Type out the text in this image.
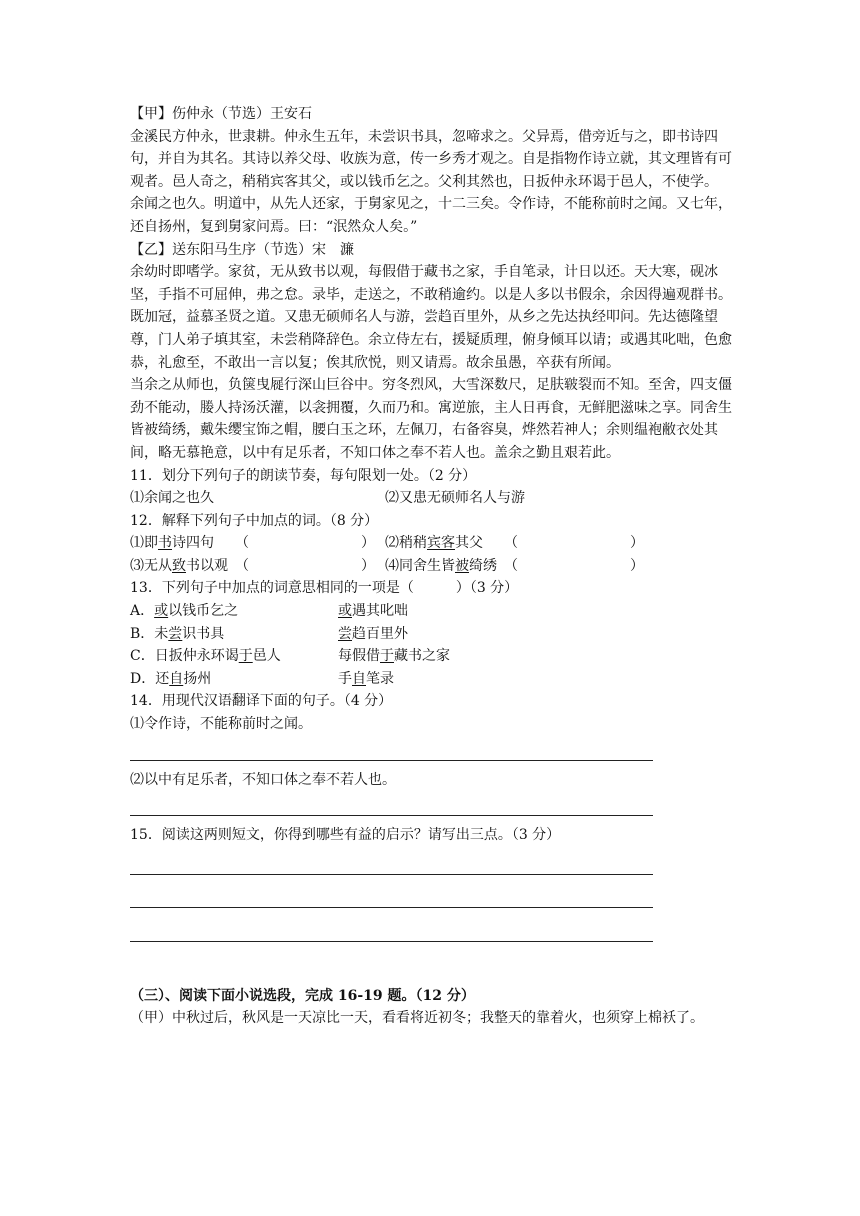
【甲】伤仲永（节选）王安石

金溪民方仲永，世隶耕。仲永生五年，未尝识书具，忽啼求之。父异焉，借旁近与之，即书诗四句，并自为其名。其诗以养父母、收族为意，传一乡秀才观之。自是指物作诗立就，其文理皆有可观者。邑人奇之，稍稍宾客其父，或以钱币乞之。父利其然也，日扳仲永环谒于邑人，不使学。

余闻之也久。明道中，从先人还家，于舅家见之，十二三矣。令作诗，不能称前时之闻。又七年，还自扬州，复到舅家问焉。曰：“泯然众人矣。”

【乙】送东阳马生序（节选）宋　濂

余幼时即嗜学。家贫，无从致书以观，每假借于藏书之家，手自笔录，计日以还。天大寒，砚冰坚，手指不可屈伸，弗之怠。录毕，走送之，不敢稍逾约。以是人多以书假余，余因得遍观群书。既加冠，益慕圣贤之道。又患无硕师名人与游，尝趋百里外，从乡之先达执经叩问。先达德隆望尊，门人弟子填其室，未尝稍降辞色。余立侍左右，援疑质理，俯身倾耳以请；或遇其叱咄，色愈恭，礼愈至，不敢出一言以复；俟其欣悦，则又请焉。故余虽愚，卒获有所闻。

当余之从师也，负箧曳屣行深山巨谷中。穷冬烈风，大雪深数尺，足肤皲裂而不知。至舍，四支僵劲不能动，媵人持汤沃灌，以衾拥覆，久而乃和。寓逆旅，主人日再食，无鲜肥滋味之享。同舍生皆被绮绣，戴朱缨宝饰之帽，腰白玉之环，左佩刀，右备容臭，烨然若神人；余则缊袍敝衣处其间，略无慕艳意，以中有足乐者，不知口体之奉不若人也。盖余之勤且艰若此。

11．划分下列句子的朗读节奏，每句限划一处。（2 分）

⑴余闻之也久	⑵又患无硕师名人与游

12．解释下列句子中加点的词。（8 分）

⑴即书诗四句　　 （　　　　　　　　） ⑵稍稍宾客其父　　 （　　　　　　　　）
⑶无从致书以观　 （　　　　　　　　） ⑷同舍生皆被绮绣　 （　　　　　　　　）

13．下列句子中加点的词意思相同的一项是（　　　）（3 分）

A．或以钱币乞之	或遇其叱咄
B．未尝识书具	尝趋百里外
C．日扳仲永环谒于邑人	每假借于藏书之家
D．还自扬州	手自笔录

14．用现代汉语翻译下面的句子。（4 分）

⑴令作诗，不能称前时之闻。

⑵以中有足乐者，不知口体之奉不若人也。

15．阅读这两则短文，你得到哪些有益的启示？请写出三点。（3 分）

（三）、阅读下面小说选段，完成 16-19 题。（12 分）

（甲）中秋过后，秋风是一天凉比一天，看看将近初冬；我整天的靠着火，也须穿上棉袄了。
